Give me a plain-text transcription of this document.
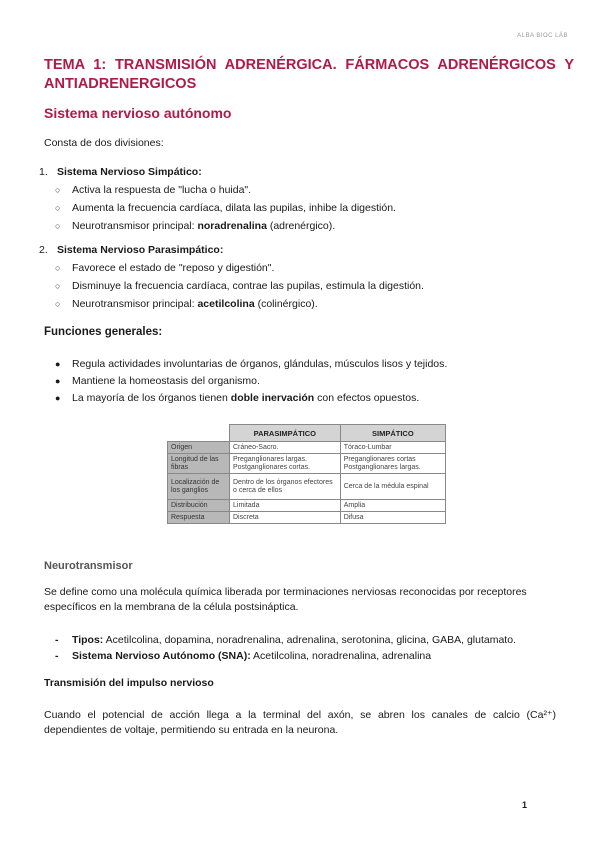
ALBA BIOC LÁB
TEMA 1: TRANSMISIÓN ADRENÉRGICA. FÁRMACOS ADRENÉRGICOS Y ANTIADRENERGICOS
Sistema nervioso autónomo

Consta de dos divisiones:

1. Sistema Nervioso Simpático:
○ Activa la respuesta de "lucha o huida".
○ Aumenta la frecuencia cardíaca, dilata las pupilas, inhibe la digestión.
○ Neurotransmisor principal: noradrenalina (adrenérgico).
2. Sistema Nervioso Parasimpático:
○ Favorece el estado de "reposo y digestión".
○ Disminuye la frecuencia cardíaca, contrae las pupilas, estimula la digestión.
○ Neurotransmisor principal: acetilcolina (colinérgico).
Funciones generales:
● Regula actividades involuntarias de órganos, glándulas, músculos lisos y tejidos.
● Mantiene la homeostasis del organismo.
● La mayoría de los órganos tienen doble inervación con efectos opuestos.
	PARASIMPÁTICO	SIMPÁTICO
Origen	Cráneo-Sacro.	Tóraco-Lumbar
Longitud de las fibras	Preganglionares largas. Postganglionares cortas.	Preganglionares cortas Postganglionares largas.
Localización de los ganglios	Dentro de los órganos efectores o cerca de ellos	Cerca de la médula espinal
Distribución	Limitada	Amplia
Respuesta	Discreta	Difusa
Neurotransmisor

Se define como una molécula química liberada por terminaciones nerviosas reconocidas por receptores específicos en la membrana de la célula postsináptica.

- Tipos: Acetilcolina, dopamina, noradrenalina, adrenalina, serotonina, glicina, GABA, glutamato.
- Sistema Nervioso Autónomo (SNA): Acetilcolina, noradrenalina, adrenalina
Transmisión del impulso nervioso

Cuando el potencial de acción llega a la terminal del axón, se abren los canales de calcio (Ca²⁺) dependientes de voltaje, permitiendo su entrada en la neurona.

1
